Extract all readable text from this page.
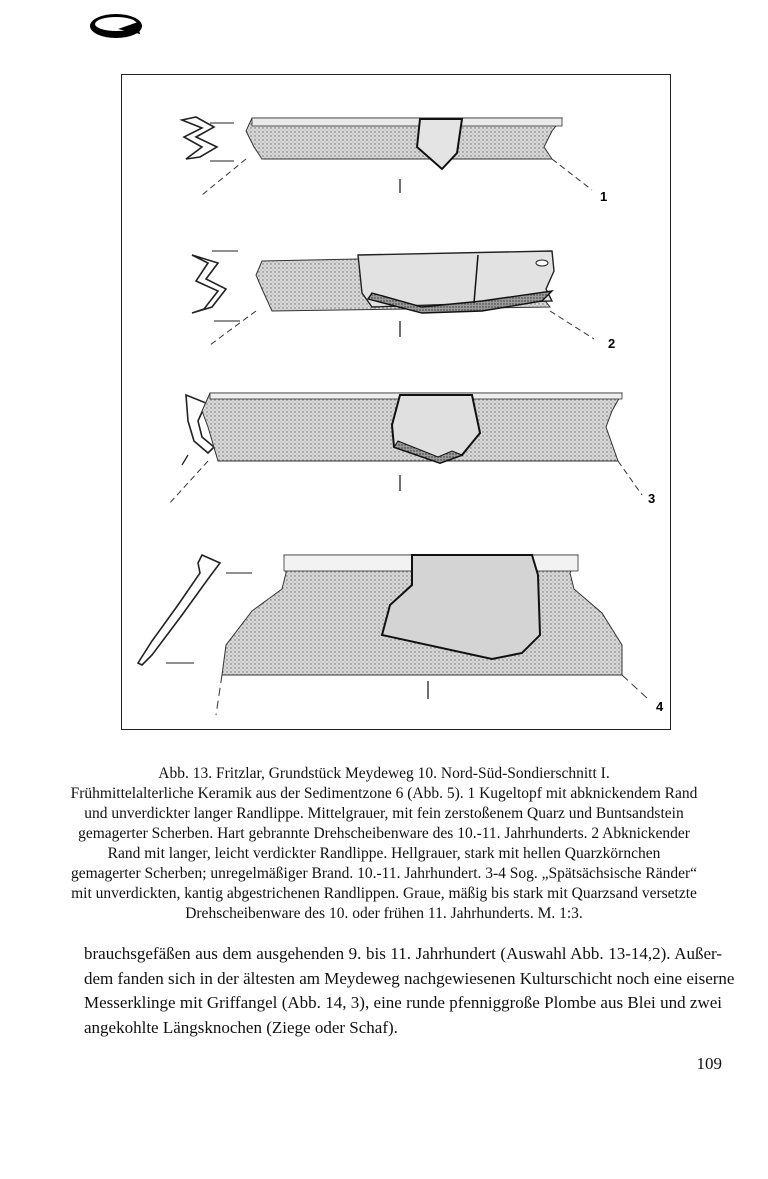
1
2
3
4
Abb. 13. Fritzlar, Grundstück Meydeweg 10. Nord-Süd-Sondierschnitt I.
Frühmittelalterliche Keramik aus der Sedimentzone 6 (Abb. 5). 1 Kugeltopf mit abknickendem Rand
und unverdickter langer Randlippe. Mittelgrauer, mit fein zerstoßenem Quarz und Buntsandstein
gemagerter Scherben. Hart gebrannte Drehscheibenware des 10.-11. Jahrhunderts. 2 Abknickender
Rand mit langer, leicht verdickter Randlippe. Hellgrauer, stark mit hellen Quarzkörnchen
gemagerter Scherben; unregelmäßiger Brand. 10.-11. Jahrhundert. 3-4 Sog. „Spätsächsische Ränder“
mit unverdickten, kantig abgestrichenen Randlippen. Graue, mäßig bis stark mit Quarzsand versetzte
Drehscheibenware des 10. oder frühen 11. Jahrhunderts. M. 1:3.
brauchsgefäßen aus dem ausgehenden 9. bis 11. Jahrhundert (Auswahl Abb. 13-14,2). Außer-
dem fanden sich in der ältesten am Meydeweg nachgewiesenen Kulturschicht noch eine eiserne
Messerklinge mit Griffangel (Abb. 14, 3), eine runde pfenniggroße Plombe aus Blei und zwei
angekohlte Längsknochen (Ziege oder Schaf).
109
